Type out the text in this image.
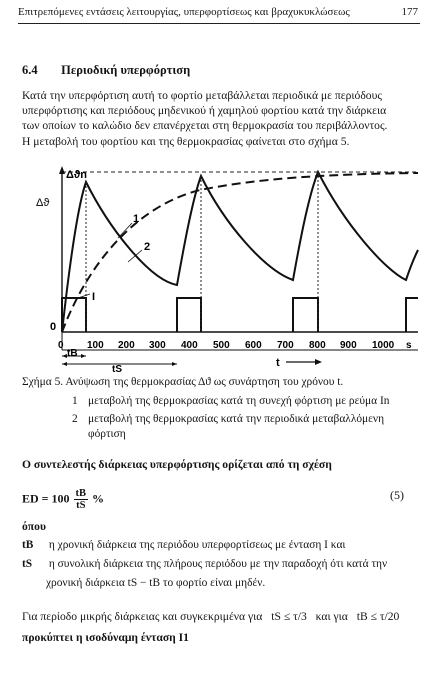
Επιτρεπόμενες εντάσεις λειτουργίας, υπερφορτίσεως και βραχυκυκλώσεως	177
6.4 Περιοδική υπερφόρτιση
Κατά την υπερφόρτιση αυτή το φορτίο μεταβάλλεται περιοδικά με περιόδους
υπερφόρτισης και περιόδους μηδενικού ή χαμηλού φορτίου κατά την διάρκεια
των οποίων το καλώδιο δεν επανέρχεται στη θερμοκρασία του περιβάλλοντος.
Η μεταβολή του φορτίου και της θερμοκρασίας φαίνεται στο σχήμα 5.
Δϑn
Δϑ
0
1
2
I
0 100 200 300 400 500 600 700 800 900 1000 s
tB
tS
t
Σχήμα 5. Ανύψωση της θερμοκρασίας Δϑ ως συνάρτηση του χρόνου t.
1 μεταβολή της θερμοκρασίας κατά τη συνεχή φόρτιση με ρεύμα In
2 μεταβολή της θερμοκρασίας κατά την περιοδικά μεταβαλλόμενη
φόρτιση
Ο συντελεστής διάρκειας υπερφόρτισης ορίζεται από τη σχέση
ED = $100 \frac{tB}{tS}$ %	(5)
όπου
tB η χρονική διάρκεια της περιόδου υπερφορτίσεως με ένταση I και
tS η συνολική διάρκεια της πλήρους περιόδου με την παραδοχή ότι κατά την
χρονική διάρκεια tS − tB το φορτίο είναι μηδέν.
Για περίοδο μικρής διάρκειας και συγκεκριμένα για tS ≤ τ/3 και για tB ≤ τ/20
προκύπτει η ισοδύναμη ένταση I1
